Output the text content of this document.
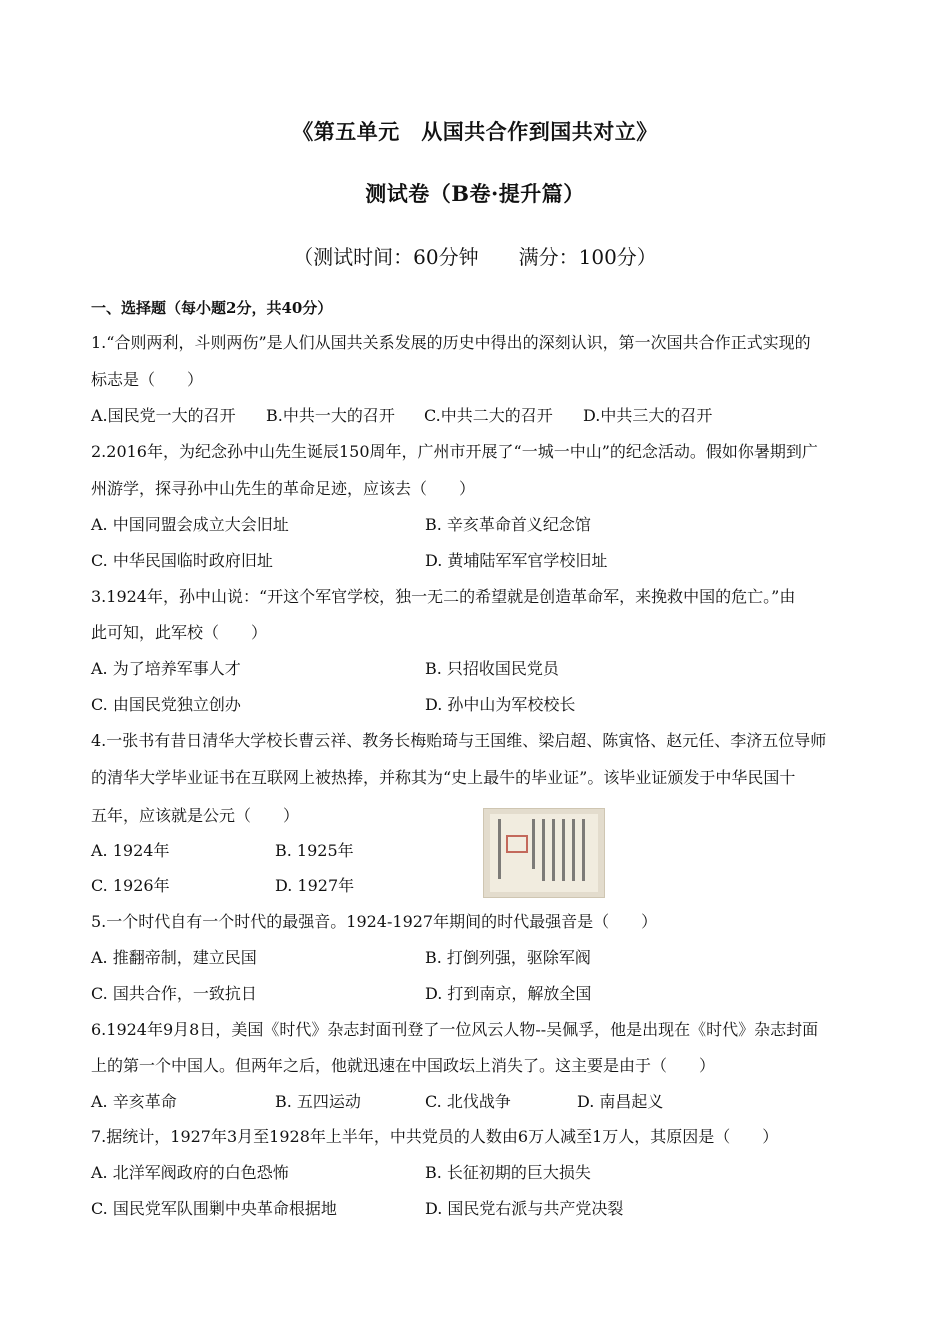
《第五单元　从国共合作到国共对立》
测试卷（B卷·提升篇）
（测试时间：60分钟　　满分：100分）
一、选择题（每小题2分，共40分）
1.“合则两利，斗则两伤”是人们从国共关系发展的历史中得出的深刻认识，第一次国共合作正式实现的
标志是（　　）
A.国民党一大的召开 B.中共一大的召开 C.中共二大的召开 D.中共三大的召开
2.2016年，为纪念孙中山先生诞辰150周年，广州市开展了“一城一中山”的纪念活动。假如你暑期到广
州游学，探寻孙中山先生的革命足迹，应该去（　　）
A. 中国同盟会成立大会旧址	B. 辛亥革命首义纪念馆
C. 中华民国临时政府旧址	D. 黄埔陆军军官学校旧址
3.1924年，孙中山说：“开这个军官学校，独一无二的希望就是创造革命军，来挽救中国的危亡。”由
此可知，此军校（　　）
A. 为了培养军事人才	B. 只招收国民党员
C. 由国民党独立创办	D. 孙中山为军校校长
4.一张书有昔日清华大学校长曹云祥、教务长梅贻琦与王国维、梁启超、陈寅恪、赵元任、李济五位导师
的清华大学毕业证书在互联网上被热捧，并称其为“史上最牛的毕业证”。该毕业证颁发于中华民国十
五年，应该就是公元（　　）
A. 1924年	B. 1925年
C. 1926年	D. 1927年
5.一个时代自有一个时代的最强音。1924-1927年期间的时代最强音是（　　）
A. 推翻帝制，建立民国	B. 打倒列强，驱除军阀
C. 国共合作，一致抗日	D. 打到南京，解放全国
6.1924年9月8日，美国《时代》杂志封面刊登了一位风云人物--吴佩孚，他是出现在《时代》杂志封面
上的第一个中国人。但两年之后，他就迅速在中国政坛上消失了。这主要是由于（　　）
A. 辛亥革命	B. 五四运动	C. 北伐战争	D. 南昌起义
7.据统计，1927年3月至1928年上半年，中共党员的人数由6万人减至1万人，其原因是（　　）
A. 北洋军阀政府的白色恐怖	B. 长征初期的巨大损失
C. 国民党军队围剿中央革命根据地	D. 国民党右派与共产党决裂
